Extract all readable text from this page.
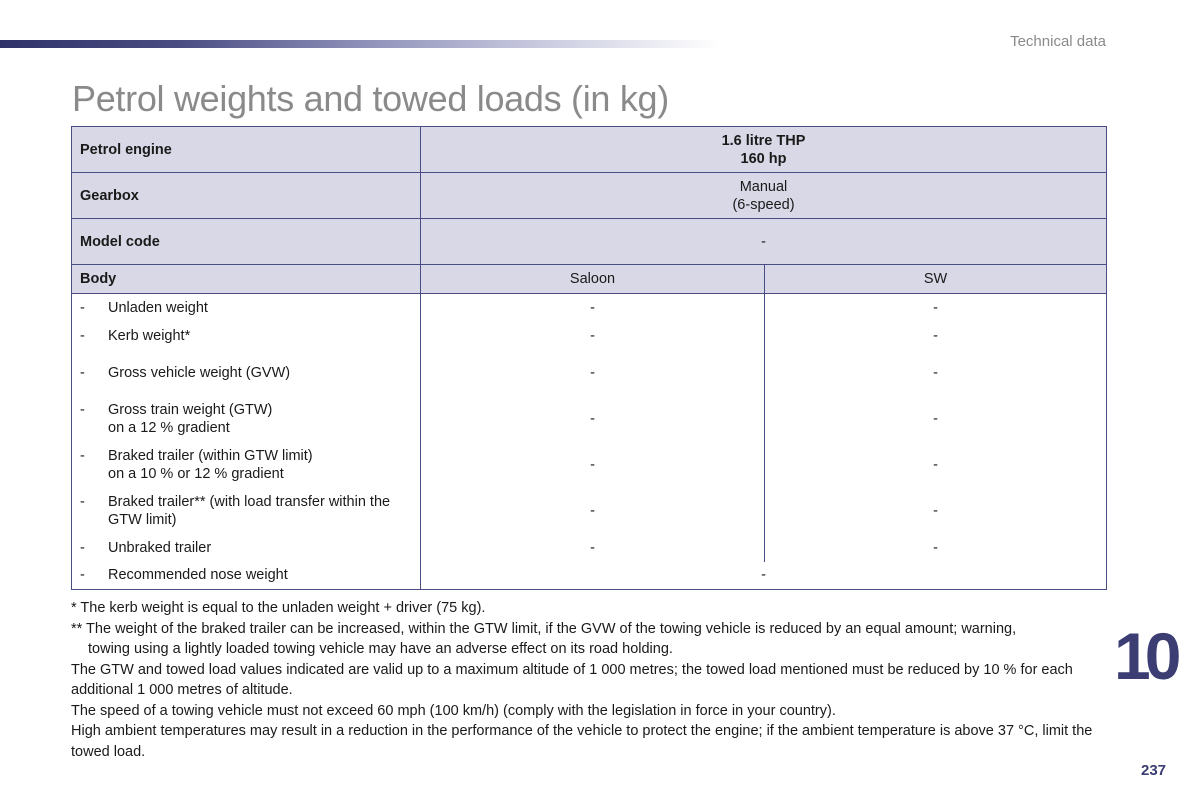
Technical data
Petrol weights and towed loads (in kg)
Petrol engine	1.6 litre THP
160 hp	

Gearbox	Manual
(6-speed)	

Model code	-	
Body	Saloon	SW

- Unladen weight	-	-

- Kerb weight*	-	-

- Gross vehicle weight (GVW)	-	-

- Gross train weight (GTW)
on a 12 % gradient	-	-

- Braked trailer (within GTW limit)
on a 10 % or 12 % gradient	-	-

- Braked trailer** (with load transfer within the
GTW limit)	-	-

- Unbraked trailer	-	-

- Recommended nose weight	-	

* The kerb weight is equal to the unladen weight + driver (75 kg).

** The weight of the braked trailer can be increased, within the GTW limit, if the GVW of the towing vehicle is reduced by an equal amount; warning,

towing using a lightly loaded towing vehicle may have an adverse effect on its road holding.

The GTW and towed load values indicated are valid up to a maximum altitude of 1 000 metres; the towed load mentioned must be reduced by 10 % for each additional 1 000 metres of altitude.

The speed of a towing vehicle must not exceed 60 mph (100 km/h) (comply with the legislation in force in your country).

High ambient temperatures may result in a reduction in the performance of the vehicle to protect the engine; if the ambient temperature is above 37 °C, limit the towed load.

10
237
